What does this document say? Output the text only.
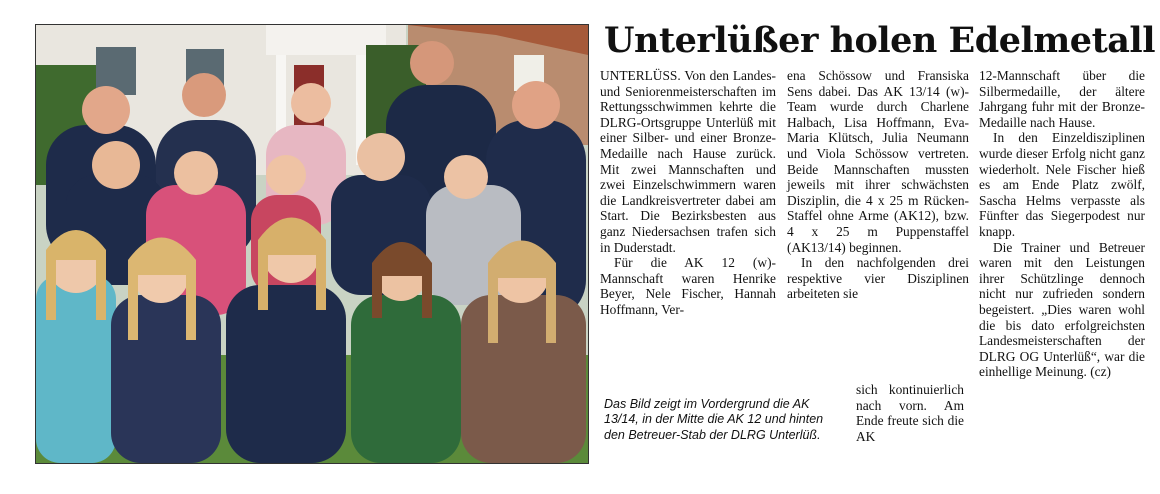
Unterlüßer holen Edelmetall

UNTERLÜSS. Von den Landes- und Seniorenmeisterschaften im Rettungsschwimmen kehrte die DLRG-Ortsgruppe Unterlüß mit einer Silber- und einer Bronze-Medaille nach Hause zurück. Mit zwei Mannschaften und zwei Einzelschwimmern waren die Landkreisvertreter dabei am Start. Die Bezirksbesten aus ganz Niedersachsen trafen sich in Duderstadt.

Für die AK 12 (w)-Mannschaft waren Henrike Beyer, Nele Fischer, Hannah Hoffmann, Ver-

ena Schössow und Fransiska Sens dabei. Das AK 13/14 (w)-Team wurde durch Charlene Halbach, Lisa Hoffmann, Eva-Maria Klütsch, Julia Neumann und Viola Schössow vertreten. Beide Mannschaften mussten jeweils mit ihrer schwächsten Disziplin, die 4 x 25 m Rücken-Staffel ohne Arme (AK12), bzw. 4 x 25 m Puppenstaffel (AK13/14) beginnen.

In den nachfolgenden drei respektive vier Disziplinen arbeiteten sie

sich kontinuierlich nach vorn. Am Ende freute sich die AK

Das Bild zeigt im Vordergrund die AK 13/14, in der Mitte die AK 12 und hinten den Betreuer-Stab der DLRG Unterlüß.

12-Mannschaft über die Silbermedaille, der ältere Jahrgang fuhr mit der Bronze-Medaille nach Hause.

In den Einzeldisziplinen wurde dieser Erfolg nicht ganz wiederholt. Nele Fischer hieß es am Ende Platz zwölf, Sascha Helms verpasste als Fünfter das Siegerpodest nur knapp.

Die Trainer und Betreuer waren mit den Leistungen ihrer Schützlinge dennoch nicht nur zufrieden sondern begeistert. „Dies waren wohl die bis dato erfolgreichsten Landesmeisterschaften der DLRG OG Unterlüß“, war die einhellige Meinung. (cz)
